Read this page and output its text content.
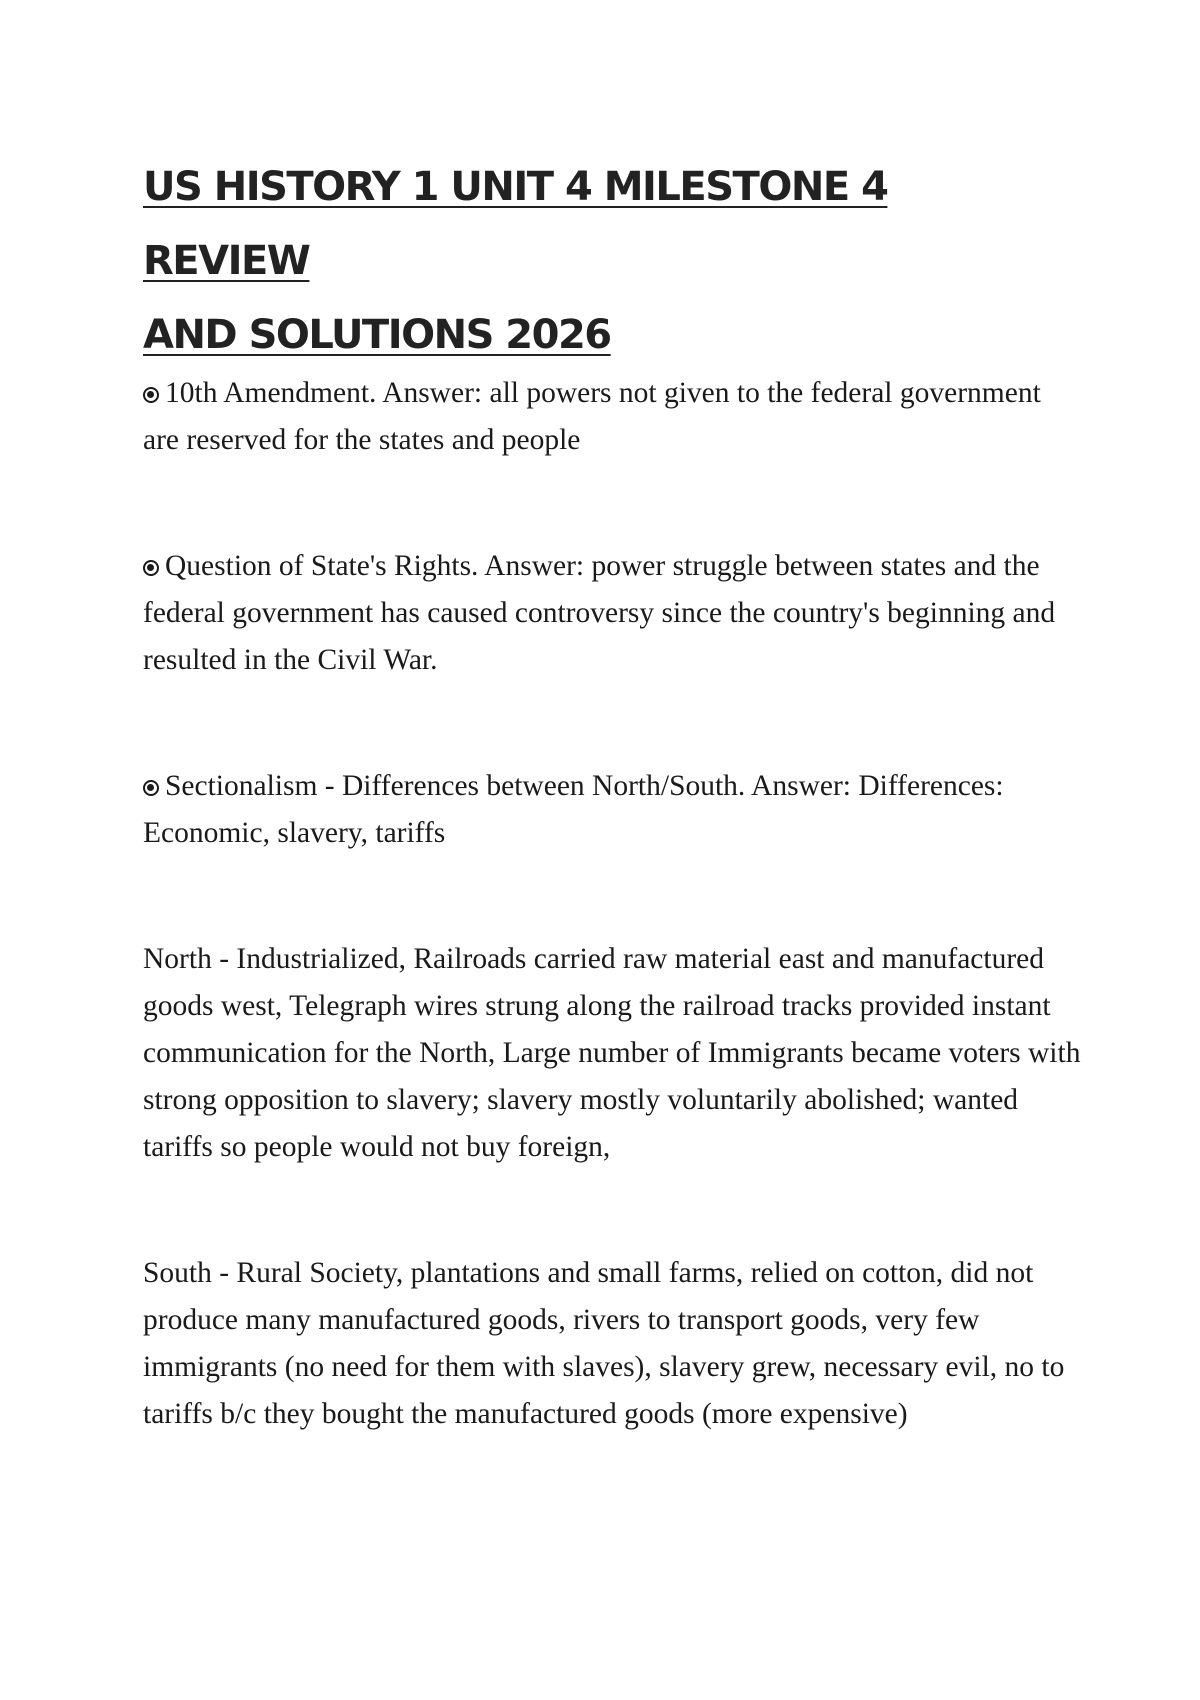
US HISTORY 1 UNIT 4 MILESTONE 4 REVIEW
AND SOLUTIONS 2026

10th Amendment. Answer: all powers not given to the federal government are reserved for the states and people

Question of State's Rights. Answer: power struggle between states and the federal government has caused controversy since the country's beginning and resulted in the Civil War.

Sectionalism - Differences between North/South. Answer: Differences: Economic, slavery, tariffs

North - Industrialized, Railroads carried raw material east and manufactured goods west, Telegraph wires strung along the railroad tracks provided instant communication for the North, Large number of Immigrants became voters with strong opposition to slavery; slavery mostly voluntarily abolished; wanted tariffs so people would not buy foreign,

South - Rural Society, plantations and small farms, relied on cotton, did not produce many manufactured goods, rivers to transport goods, very few immigrants (no need for them with slaves), slavery grew, necessary evil, no to tariffs b/c they bought the manufactured goods (more expensive)
